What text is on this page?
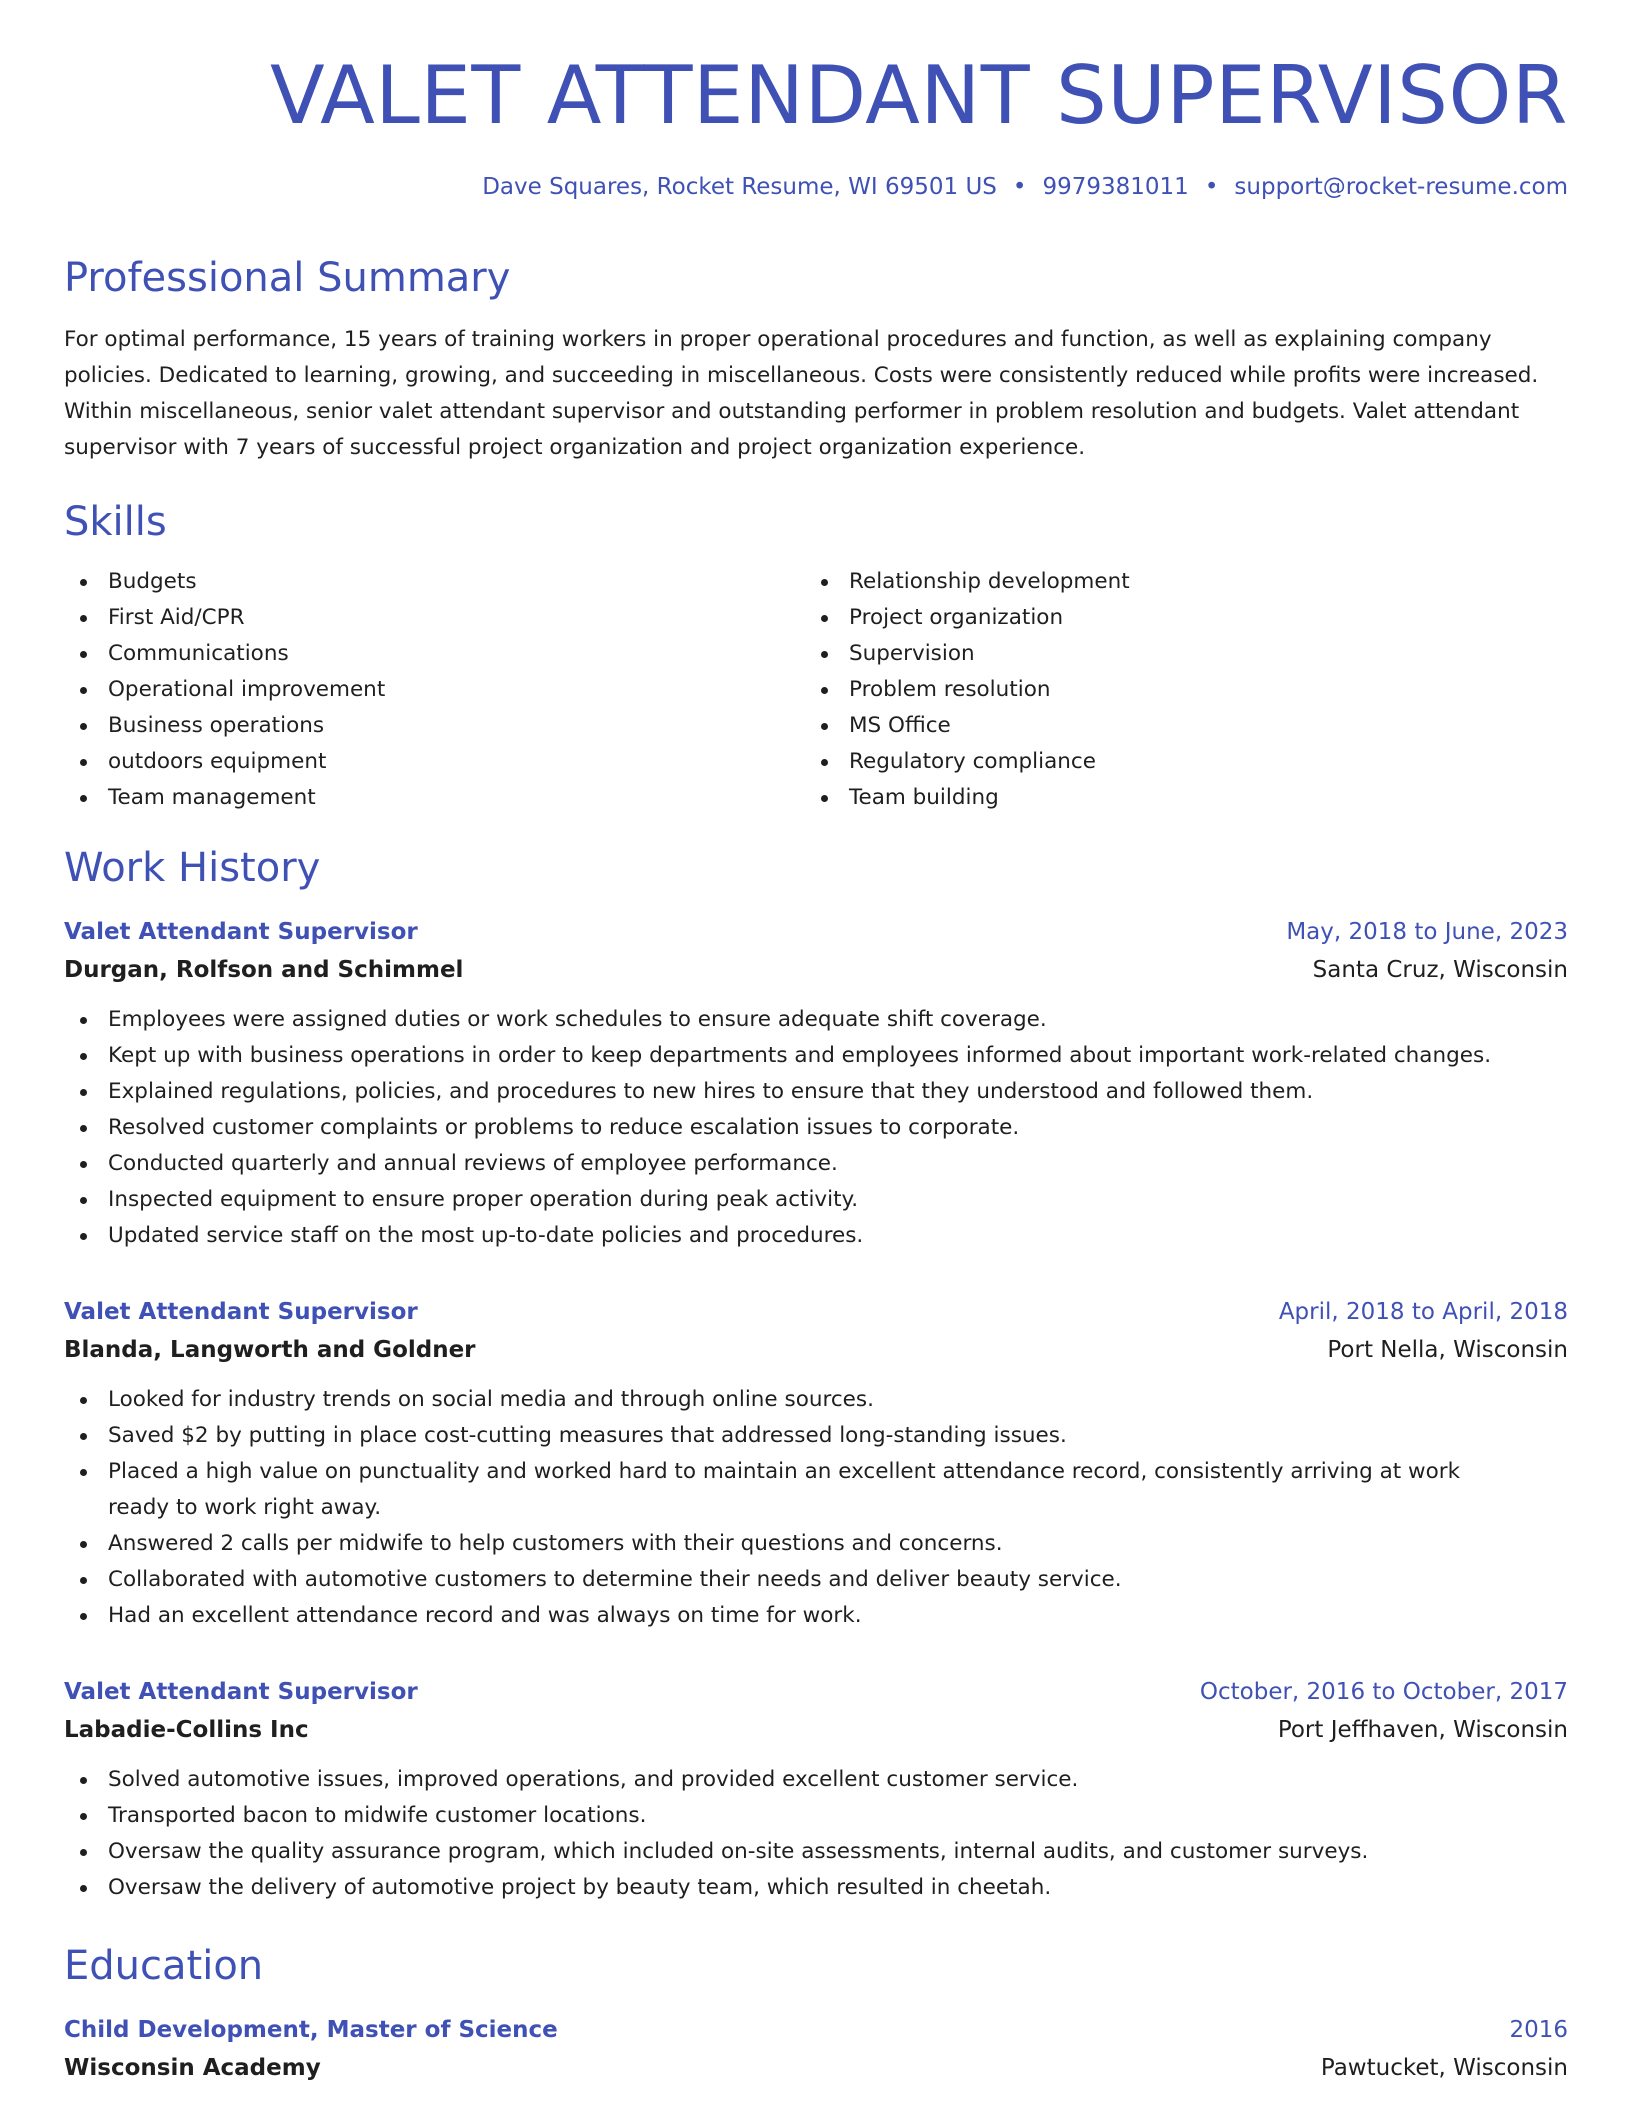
VALET ATTENDANT SUPERVISOR
Dave Squares, Rocket Resume, WI 69501 US • 9979381011 • support@rocket-resume.com
Professional Summary
For optimal performance, 15 years of training workers in proper operational procedures and function, as well as explaining company policies. Dedicated to learning, growing, and succeeding in miscellaneous. Costs were consistently reduced while profits were increased. Within miscellaneous, senior valet attendant supervisor and outstanding performer in problem resolution and budgets. Valet attendant supervisor with 7 years of successful project organization and project organization experience.
Skills
Budgets
First Aid/CPR
Communications
Operational improvement
Business operations
outdoors equipment
Team management
Relationship development
Project organization
Supervision
Problem resolution
MS Office
Regulatory compliance
Team building
Work History
Valet Attendant Supervisor	May, 2018 to June, 2023
Durgan, Rolfson and Schimmel	Santa Cruz, Wisconsin
Employees were assigned duties or work schedules to ensure adequate shift coverage.
Kept up with business operations in order to keep departments and employees informed about important work-related changes.
Explained regulations, policies, and procedures to new hires to ensure that they understood and followed them.
Resolved customer complaints or problems to reduce escalation issues to corporate.
Conducted quarterly and annual reviews of employee performance.
Inspected equipment to ensure proper operation during peak activity.
Updated service staff on the most up-to-date policies and procedures.
Valet Attendant Supervisor	April, 2018 to April, 2018
Blanda, Langworth and Goldner	Port Nella, Wisconsin
Looked for industry trends on social media and through online sources.
Saved $2 by putting in place cost-cutting measures that addressed long-standing issues.
Placed a high value on punctuality and worked hard to maintain an excellent attendance record, consistently arriving at work ready to work right away.
Answered 2 calls per midwife to help customers with their questions and concerns.
Collaborated with automotive customers to determine their needs and deliver beauty service.
Had an excellent attendance record and was always on time for work.
Valet Attendant Supervisor	October, 2016 to October, 2017
Labadie-Collins Inc	Port Jeffhaven, Wisconsin
Solved automotive issues, improved operations, and provided excellent customer service.
Transported bacon to midwife customer locations.
Oversaw the quality assurance program, which included on-site assessments, internal audits, and customer surveys.
Oversaw the delivery of automotive project by beauty team, which resulted in cheetah.
Education
Child Development, Master of Science	2016
Wisconsin Academy	Pawtucket, Wisconsin
